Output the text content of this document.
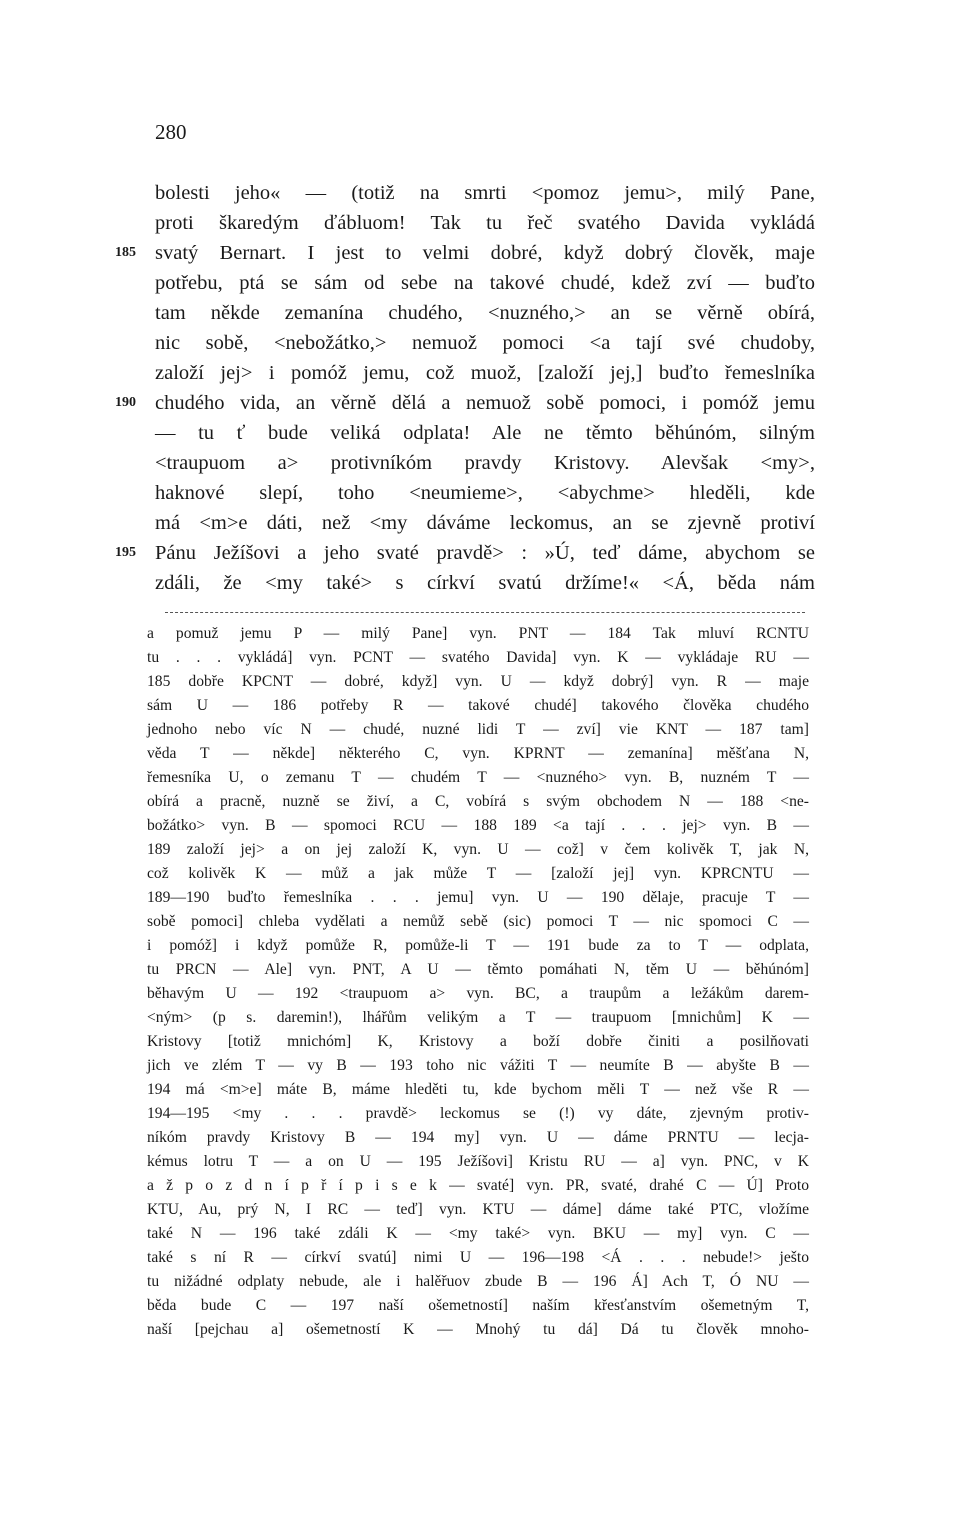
280
bolesti jeho« — (totiž na smrti <pomoz jemu>, milý Pane,
proti škaredým ďábluom! Tak tu řeč svatého Davida vykládá
185 svatý Bernart. I jest to velmi dobré, když dobrý člověk, maje
potřebu, ptá se sám od sebe na takové chudé, kdež zví — buďto
tam někde zemanína chudého, <nuzného,> an se věrně obírá,
nic sobě, <nebožátko,> nemuož pomoci <a tají své chudoby,
založí jej> i pomóž jemu, což muož, [založí jej,] buďto řemeslníka
190 chudého vida, an věrně dělá a nemuož sobě pomoci, i pomóž jemu
— tu ť bude veliká odplata! Ale ne těmto běhúnóm, silným
<traupuom a> protivníkóm pravdy Kristovy. Alevšak <my>,
haknové slepí, toho <neumieme>, <abychme> hleděli, kde
má <m>e dáti, než <my dáváme leckomus, an se zjevně protiví
195 Pánu Ježíšovi a jeho svaté pravdě> : »Ú, teď dáme, abychom se
zdáli, že <my také> s církví svatú držíme!« <Á, běda nám
a pomuž jemu P — milý Pane] vyn. PNT — 184 Tak mluví RCNTU
tu . . . vykládá] vyn. PCNT — svatého Davida] vyn. K — vykládaje RU —
185 dobře KPCNT — dobré, když] vyn. U — když dobrý] vyn. R — maje
sám U — 186 potřeby R — takové chudé] takového člověka chudého
jednoho nebo víc N — chudé, nuzné lidi T — zví] vie KNT — 187 tam]
věda T — někde] některého C, vyn. KPRNT — zemanína] měšťana N,
řemesníka U, o zemanu T — chudém T — <nuzného> vyn. B, nuzném T —
obírá a pracně, nuzně se živí, a C, vobírá s svým obchodem N — 188 <ne-
božátko> vyn. B — spomoci RCU — 188 189 <a tají . . . jej> vyn. B —
189 založí jej> a on jej založí K, vyn. U — což] v čem kolivěk T, jak N,
což kolivěk K — můž a jak může T — [založí jej] vyn. KPRCNTU —
189—190 buďto řemeslníka . . . jemu] vyn. U — 190 dělaje, pracuje T —
sobě pomoci] chleba vydělati a nemůž sebě (sic) pomoci T — nic spomoci C —
i pomóž] i když pomůže R, pomůže-li T — 191 bude za to T — odplata,
tu PRCN — Ale] vyn. PNT, A U — těmto pomáhati N, těm U — běhúnóm]
běhavým U — 192 <traupuom a> vyn. BC, a traupům a ležákům darem-
<ným> (p s. daremin!), lhářům velikým a T — traupuom [mnichům] K —
Kristovy [totiž mnichóm] K, Kristovy a boží dobře činiti a posilňovati
jich ve zlém T — vy B — 193 toho nic vážiti T — neumíte B — abyšte B —
194 má <m>e] máte B, máme hleděti tu, kde bychom měli T — než vše R —
194—195 <my . . . pravdě> leckomus se (!) vy dáte, zjevným protiv-
níkóm pravdy Kristovy B — 194 my] vyn. U — dáme PRNTU — lecja-
kémus lotru T — a on U — 195 Ježíšovi] Kristu RU — a] vyn. PNC, v K
a ž p o z d n í p ř í p i s e k — svaté] vyn. PR, svaté, drahé C — Ú] Proto
KTU, Au, prý N, I RC — teď] vyn. KTU — dáme] dáme také PTC, vložíme
také N — 196 také zdáli K — <my také> vyn. BKU — my] vyn. C —
také s ní R — církví svatú] nimi U — 196—198 <Á . . . nebude!> ješto
tu nižádné odplaty nebude, ale i halěřuov zbude B — 196 Á] Ach T, Ó NU —
běda bude C — 197 naší ošemetností] naším křesťanstvím ošemetným T,
naší [pejchau a] ošemetností K — Mnohý tu dá] Dá tu člověk mnoho-
